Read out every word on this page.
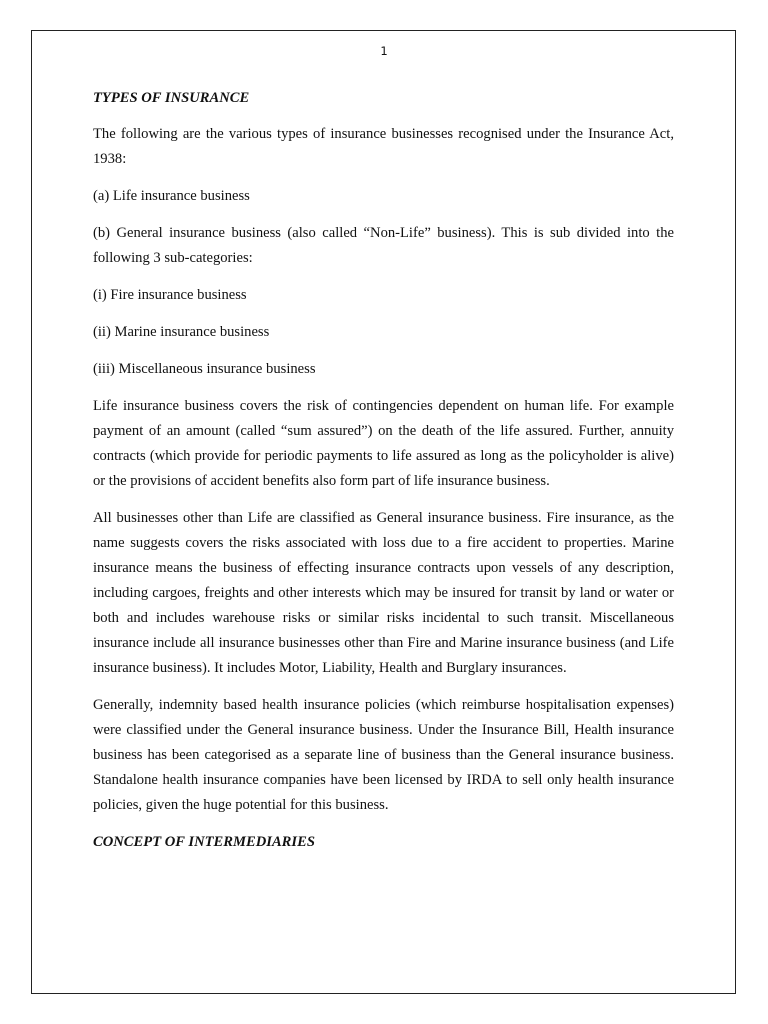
1

TYPES OF INSURANCE

The following are the various types of insurance businesses recognised under the Insurance Act, 1938:

(a) Life insurance business

(b) General insurance business (also called “Non-Life” business). This is sub divided into the following 3 sub-categories:

(i) Fire insurance business

(ii) Marine insurance business

(iii) Miscellaneous insurance business

Life insurance business covers the risk of contingencies dependent on human life. For example payment of an amount (called “sum assured”) on the death of the life assured. Further, annuity contracts (which provide for periodic payments to life assured as long as the policyholder is alive) or the provisions of accident benefits also form part of life insurance business.

All businesses other than Life are classified as General insurance business. Fire insurance, as the name suggests covers the risks associated with loss due to a fire accident to properties. Marine insurance means the business of effecting insurance contracts upon vessels of any description, including cargoes, freights and other interests which may be insured for transit by land or water or both and includes warehouse risks or similar risks incidental to such transit. Miscellaneous insurance include all insurance businesses other than Fire and Marine insurance business (and Life insurance business). It includes Motor, Liability, Health and Burglary insurances.

Generally, indemnity based health insurance policies (which reimburse hospitalisation expenses) were classified under the General insurance business. Under the Insurance Bill, Health insurance business has been categorised as a separate line of business than the General insurance business. Standalone health insurance companies have been licensed by IRDA to sell only health insurance policies, given the huge potential for this business.

CONCEPT OF INTERMEDIARIES
